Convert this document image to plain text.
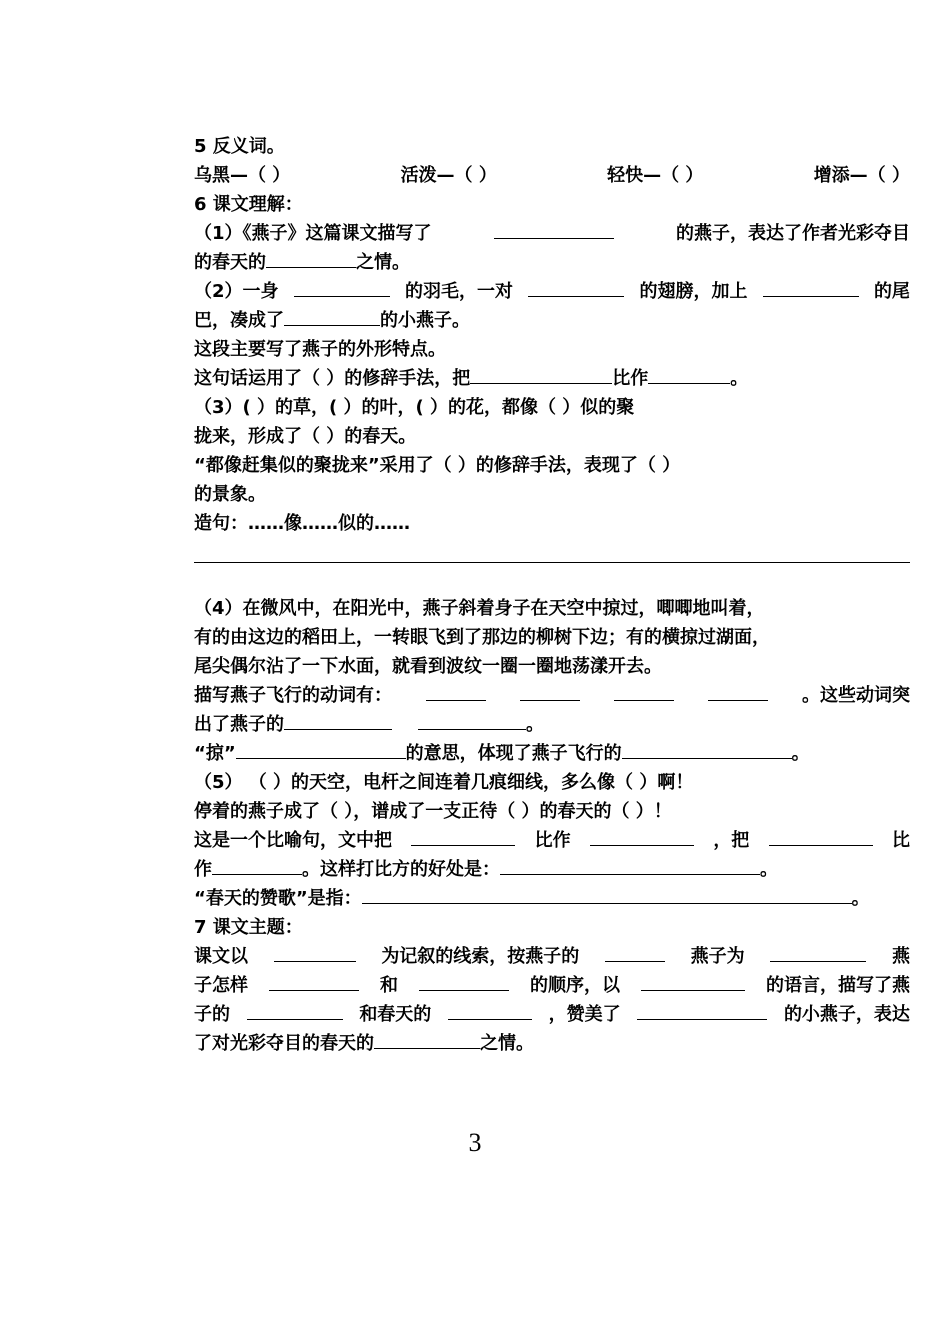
5 反义词。
乌黑—（ ）	活泼—（ ）	轻快—（ ）	增添—（ ）
6 课文理解：
（1）《燕子》这篇课文描写了	的燕子，表达了作者光彩夺目
的春天的	之情。
（2）一身	的羽毛，一对	的翅膀，加上	的尾
巴，凑成了	的小燕子。
这段主要写了燕子的外形特点。
这句话运用了（ ）的修辞手法，把	比作	。
（3）( ）的草，( ）的叶，( ）的花，都像（ ）似的聚
拢来，形成了（ ）的春天。
“都像赶集似的聚拢来”采用了（ ）的修辞手法，表现了（ ）
的景象。
造句：……像……似的……
（4）在微风中，在阳光中，燕子斜着身子在天空中掠过，唧唧地叫着，
有的由这边的稻田上，一转眼飞到了那边的柳树下边；有的横掠过湖面，
尾尖偶尔沾了一下水面，就看到波纹一圈一圈地荡漾开去。
描写燕子飞行的动词有：	。这些动词突
出了燕子的	。
“掠”	的意思，体现了燕子飞行的	。
（5） （ ）的天空，电杆之间连着几痕细线，多么像（ ）啊！
停着的燕子成了（ ），谱成了一支正待（ ）的春天的（ ）！
这是一个比喻句，文中把	比作	，把	比
作	。这样打比方的好处是：	。
“春天的赞歌”是指：	。
7 课文主题：
课文以	为记叙的线索，按燕子的	燕子为	燕
子怎样	和	的顺序，以	的语言，描写了燕
子的	和春天的	，赞美了	的小燕子，表达
了对光彩夺目的春天的	之情。
3
